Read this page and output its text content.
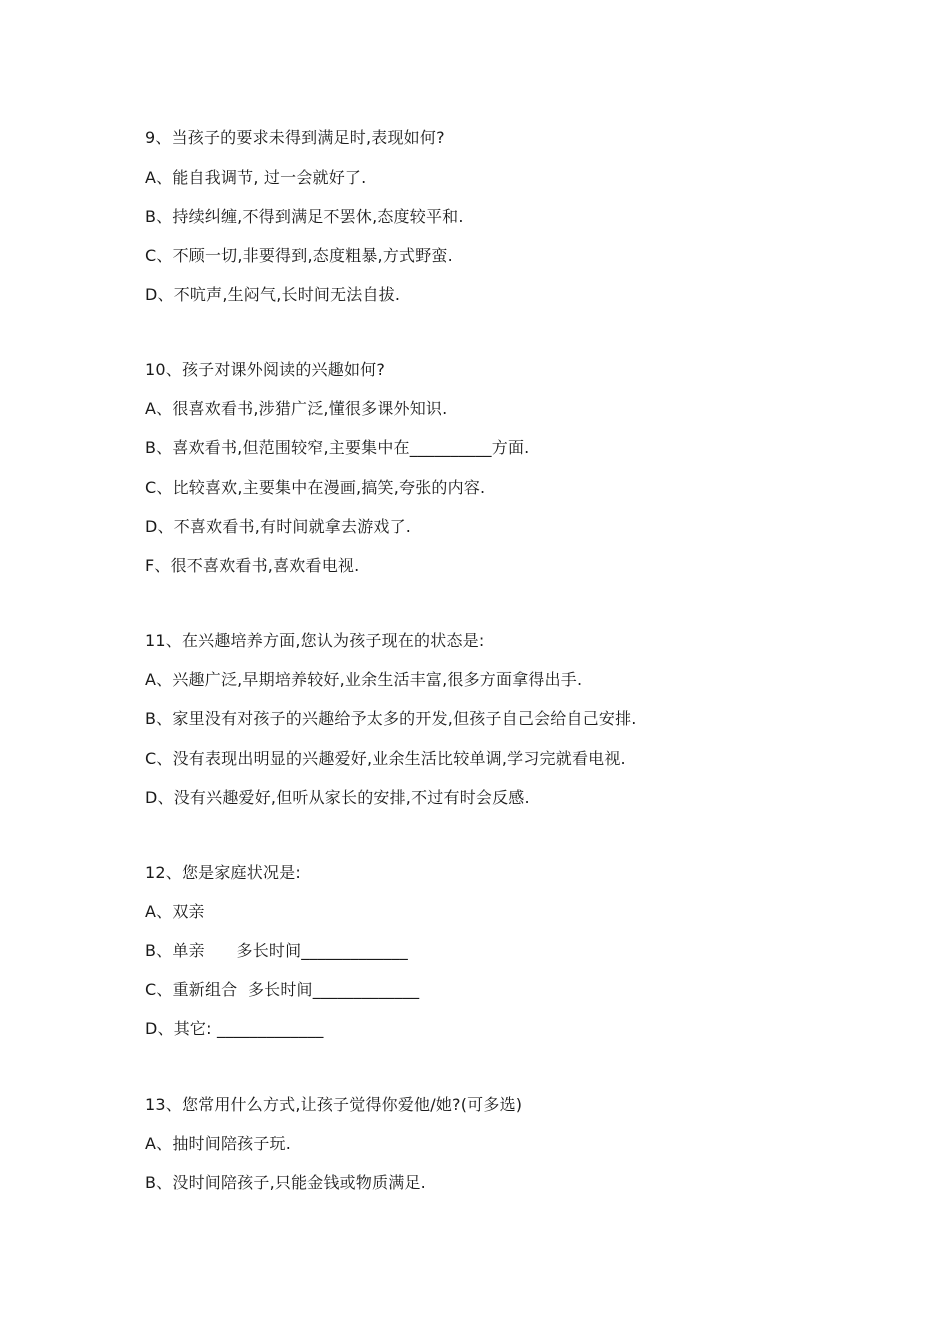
9、当孩子的要求未得到满足时,表现如何?
A、能自我调节, 过一会就好了.
B、持续纠缠,不得到满足不罢休,态度较平和.
C、不顾一切,非要得到,态度粗暴,方式野蛮.
D、不吭声,生闷气,长时间无法自拔.
10、孩子对课外阅读的兴趣如何?
A、很喜欢看书,涉猎广泛,懂很多课外知识.
B、喜欢看书,但范围较窄,主要集中在__________方面.
C、比较喜欢,主要集中在漫画,搞笑,夸张的内容.
D、不喜欢看书,有时间就拿去游戏了.
F、很不喜欢看书,喜欢看电视.
11、在兴趣培养方面,您认为孩子现在的状态是:
A、兴趣广泛,早期培养较好,业余生活丰富,很多方面拿得出手.
B、家里没有对孩子的兴趣给予太多的开发,但孩子自己会给自己安排.
C、没有表现出明显的兴趣爱好,业余生活比较单调,学习完就看电视.
D、没有兴趣爱好,但听从家长的安排,不过有时会反感.
12、您是家庭状况是:
A、双亲
B、单亲      多长时间_____________
C、重新组合  多长时间_____________
D、其它: _____________
13、您常用什么方式,让孩子觉得你爱他/她?(可多选)
A、抽时间陪孩子玩.
B、没时间陪孩子,只能金钱或物质满足.
